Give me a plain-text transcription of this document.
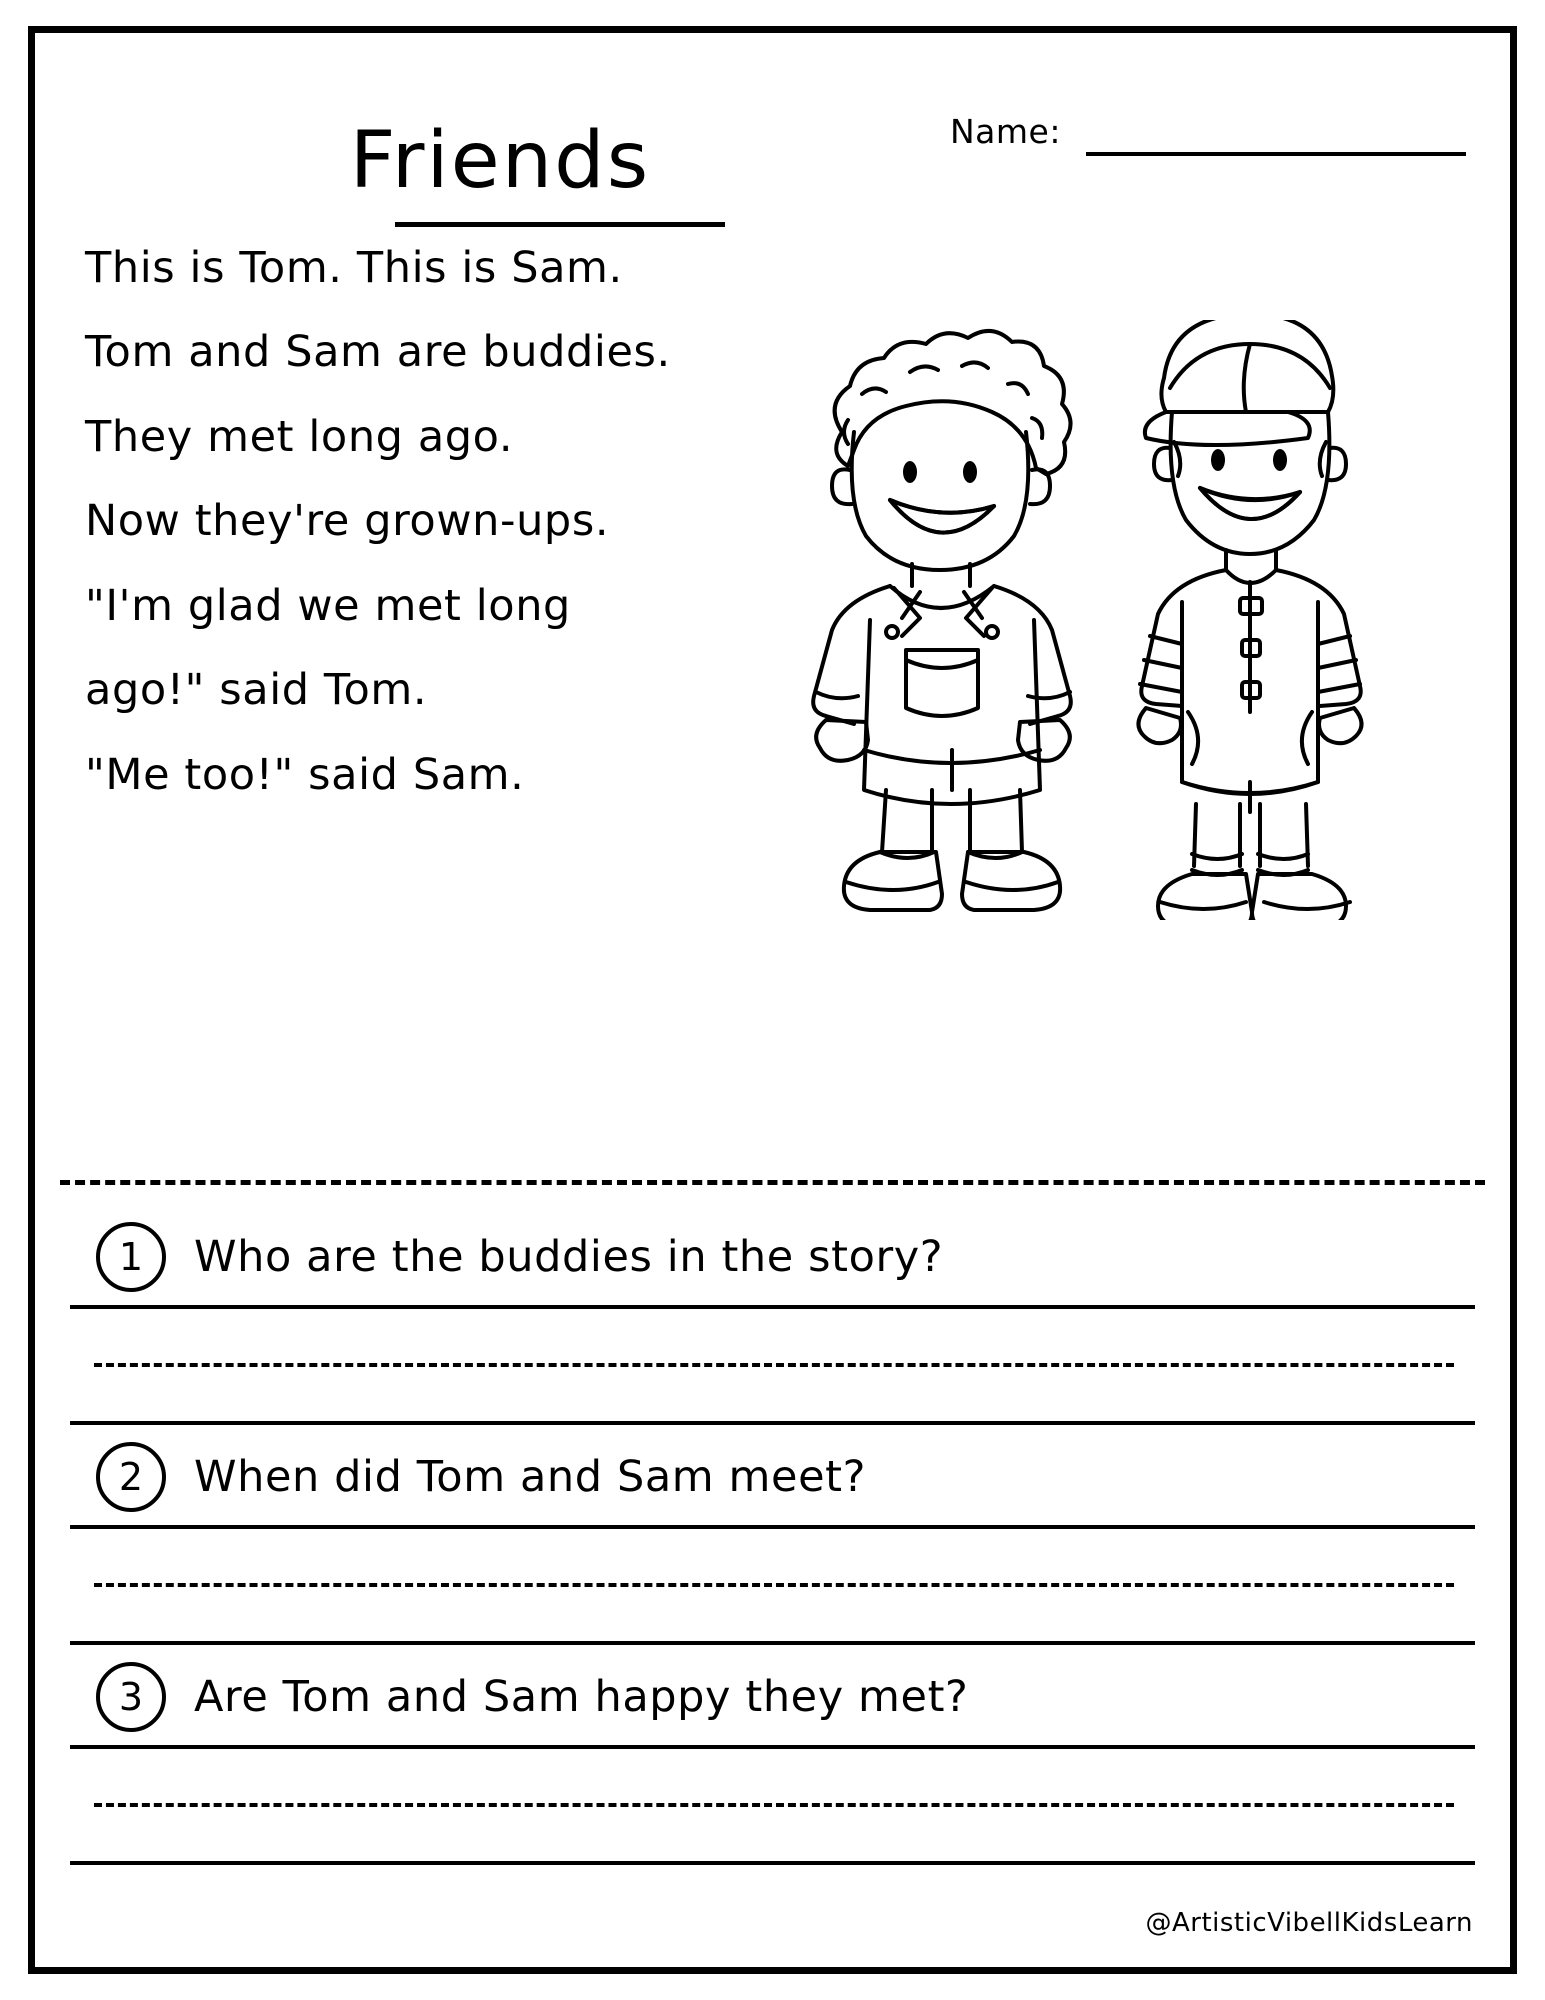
Friends	Name:

This is Tom. This is Sam.

Tom and Sam are buddies.

They met long ago.

Now they're grown-ups.

"I'm glad we met long

ago!" said Tom.

"Me too!" said Sam.

1	Who are the buddies in the story?
2	When did Tom and Sam meet?
3	Are Tom and Sam happy they met?
@ArtisticVibellKidsLearn
